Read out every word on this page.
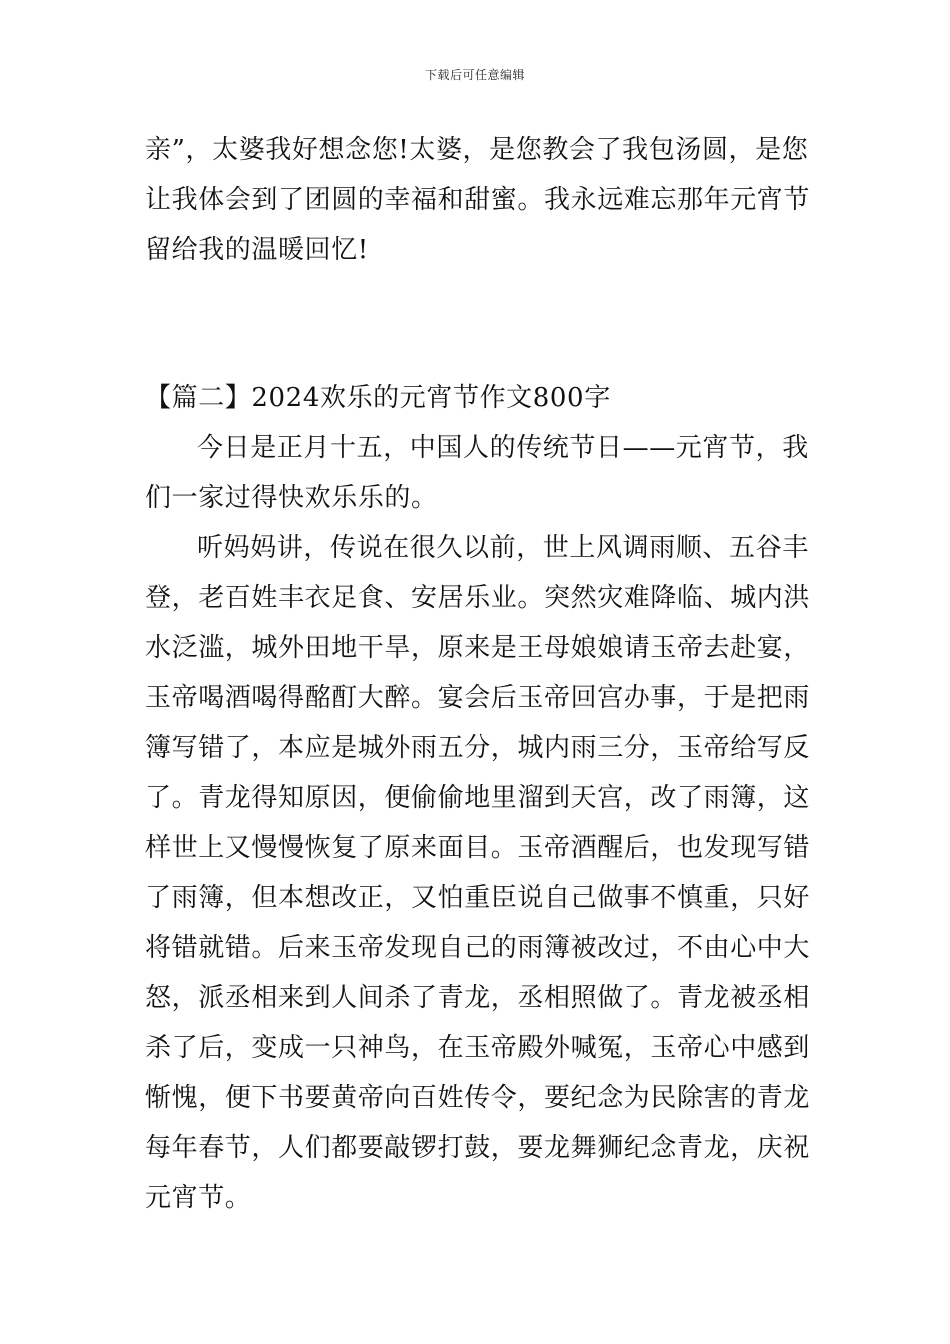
下载后可任意编辑
亲”，太婆我好想念您!太婆，是您教会了我包汤圆，是您
让我体会到了团圆的幸福和甜蜜。我永远难忘那年元宵节
留给我的温暖回忆!
【篇二】2024欢乐的元宵节作文800字
今日是正月十五，中国人的传统节日——元宵节，我
们一家过得快欢乐乐的。
听妈妈讲，传说在很久以前，世上风调雨顺、五谷丰
登，老百姓丰衣足食、安居乐业。突然灾难降临、城内洪
水泛滥，城外田地干旱，原来是王母娘娘请玉帝去赴宴，
玉帝喝酒喝得酩酊大醉。宴会后玉帝回宫办事，于是把雨
簿写错了，本应是城外雨五分，城内雨三分，玉帝给写反
了。青龙得知原因，便偷偷地里溜到天宫，改了雨簿，这
样世上又慢慢恢复了原来面目。玉帝酒醒后，也发现写错
了雨簿，但本想改正，又怕重臣说自己做事不慎重，只好
将错就错。后来玉帝发现自己的雨簿被改过，不由心中大
怒，派丞相来到人间杀了青龙，丞相照做了。青龙被丞相
杀了后，变成一只神鸟，在玉帝殿外喊冤，玉帝心中感到
惭愧，便下书要黄帝向百姓传令，要纪念为民除害的青龙
每年春节，人们都要敲锣打鼓，要龙舞狮纪念青龙，庆祝
元宵节。
